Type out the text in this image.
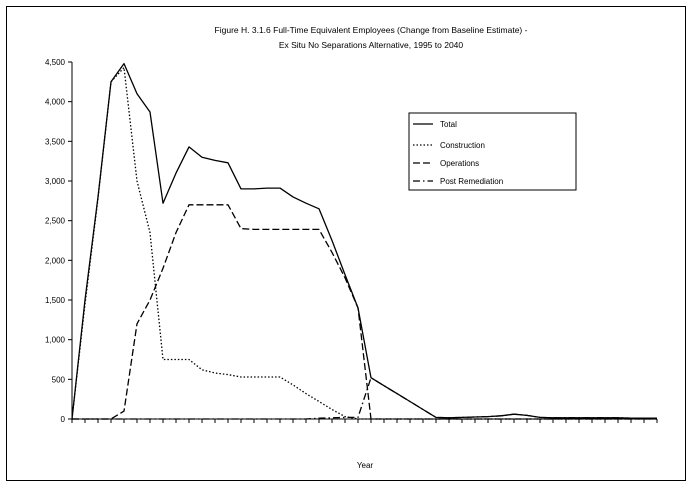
Figure H. 3.1.6 Full-Time Equivalent Employees (Change from Baseline Estimate) -
Ex Situ No Separations Alternative, 1995 to 2040
0
500
1,000
1,500
2,000
2,500
3,000
3,500
4,000
4,500
Year
Total
Construction
Operations
Post Remediation
